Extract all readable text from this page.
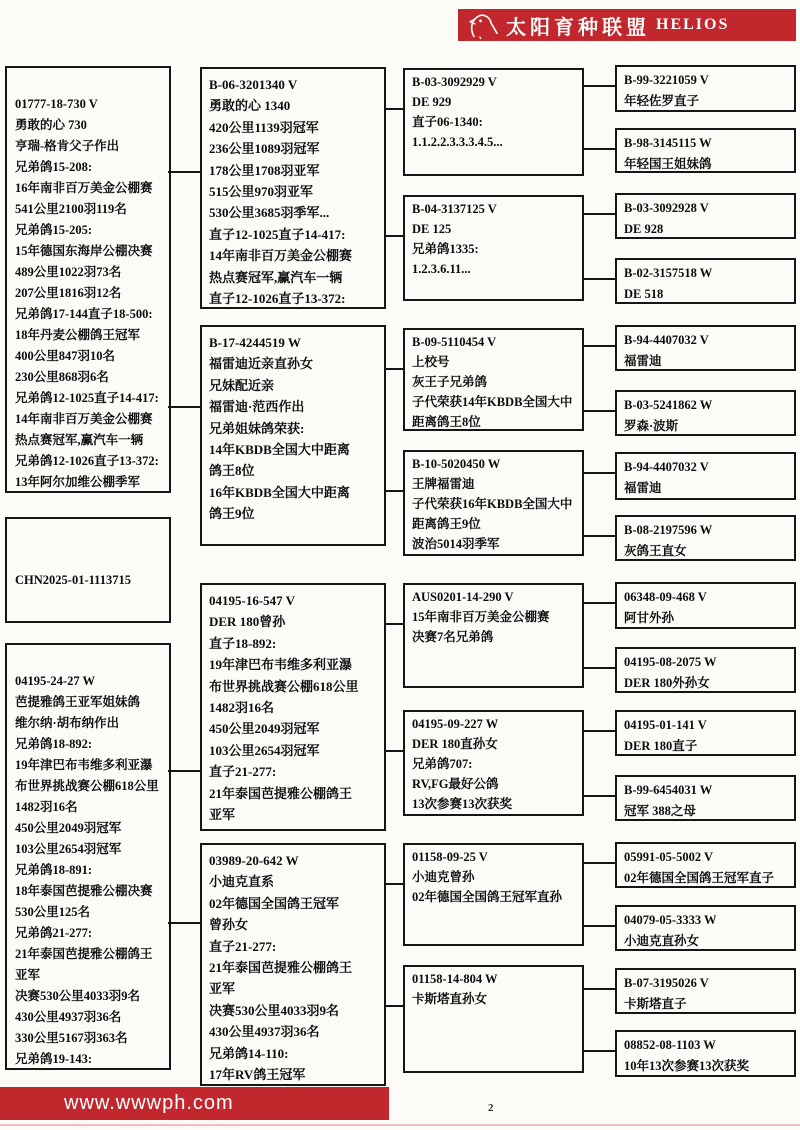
太阳育种联盟 HELIOS
01777-18-730 V
勇敢的心 730
亨瑞-格肯父子作出
兄弟鸽15-208:
16年南非百万美金公棚赛
541公里2100羽119名
兄弟鸽15-205:
15年德国东海岸公棚决赛
489公里1022羽73名
207公里1816羽12名
兄弟鸽17-144直子18-500:
18年丹麦公棚鸽王冠军
400公里847羽10名
230公里868羽6名
兄弟鸽12-1025直子14-417:
14年南非百万美金公棚赛
热点赛冠军,赢汽车一辆
兄弟鸽12-1026直子13-372:
13年阿尔加维公棚季军
CHN2025-01-1113715
04195-24-27 W
芭提雅鸽王亚军姐妹鸽
维尔纳·胡布纳作出
兄弟鸽18-892:
19年津巴布韦维多利亚瀑
布世界挑战赛公棚618公里
1482羽16名
450公里2049羽冠军
103公里2654羽冠军
兄弟鸽18-891:
18年泰国芭提雅公棚决赛
530公里125名
兄弟鸽21-277:
21年泰国芭提雅公棚鸽王
亚军
决赛530公里4033羽9名
430公里4937羽36名
330公里5167羽363名
兄弟鸽19-143:
B-06-3201340 V
勇敢的心 1340
420公里1139羽冠军
236公里1089羽冠军
178公里1708羽亚军
515公里970羽亚军
530公里3685羽季军...
直子12-1025直子14-417:
14年南非百万美金公棚赛
热点赛冠军,赢汽车一辆
直子12-1026直子13-372:
B-17-4244519 W
福雷迪近亲直孙女
兄妹配近亲
福雷迪·范西作出
兄弟姐妹鸽荣获:
14年KBDB全国大中距离
鸽王8位
16年KBDB全国大中距离
鸽王9位
04195-16-547 V
DER 180曾孙
直子18-892:
19年津巴布韦维多利亚瀑
布世界挑战赛公棚618公里
1482羽16名
450公里2049羽冠军
103公里2654羽冠军
直子21-277:
21年泰国芭提雅公棚鸽王
亚军
03989-20-642 W
小迪克直系
02年德国全国鸽王冠军
曾孙女
直子21-277:
21年泰国芭提雅公棚鸽王
亚军
决赛530公里4033羽9名
430公里4937羽36名
兄弟鸽14-110:
17年RV鸽王冠军
B-03-3092929 V
DE 929
直子06-1340:
1.1.2.2.3.3.3.4.5...
B-04-3137125 V
DE 125
兄弟鸽1335:
1.2.3.6.11...
B-09-5110454 V
上校号
灰王子兄弟鸽
子代荣获14年KBDB全国大中
距离鸽王8位
B-10-5020450 W
王牌福雷迪
子代荣获16年KBDB全国大中
距离鸽王9位
波治5014羽季军
AUS0201-14-290 V
15年南非百万美金公棚赛
决赛7名兄弟鸽
04195-09-227 W
DER 180直孙女
兄弟鸽707:
RV,FG最好公鸽
13次参赛13次获奖
01158-09-25 V
小迪克曾孙
02年德国全国鸽王冠军直孙
01158-14-804 W
卡斯塔直孙女
B-99-3221059 V
年轻佐罗直子
B-98-3145115 W
年轻国王姐妹鸽
B-03-3092928 V
DE 928
B-02-3157518 W
DE 518
B-94-4407032 V
福雷迪
B-03-5241862 W
罗森·波斯
B-94-4407032 V
福雷迪
B-08-2197596 W
灰鸽王直女
06348-09-468 V
阿甘外孙
04195-08-2075 W
DER 180外孙女
04195-01-141 V
DER 180直子
B-99-6454031 W
冠军 388之母
05991-05-5002 V
02年德国全国鸽王冠军直子
04079-05-3333 W
小迪克直孙女
B-07-3195026 V
卡斯塔直子
08852-08-1103 W
10年13次参赛13次获奖
www.wwwph.com	2
